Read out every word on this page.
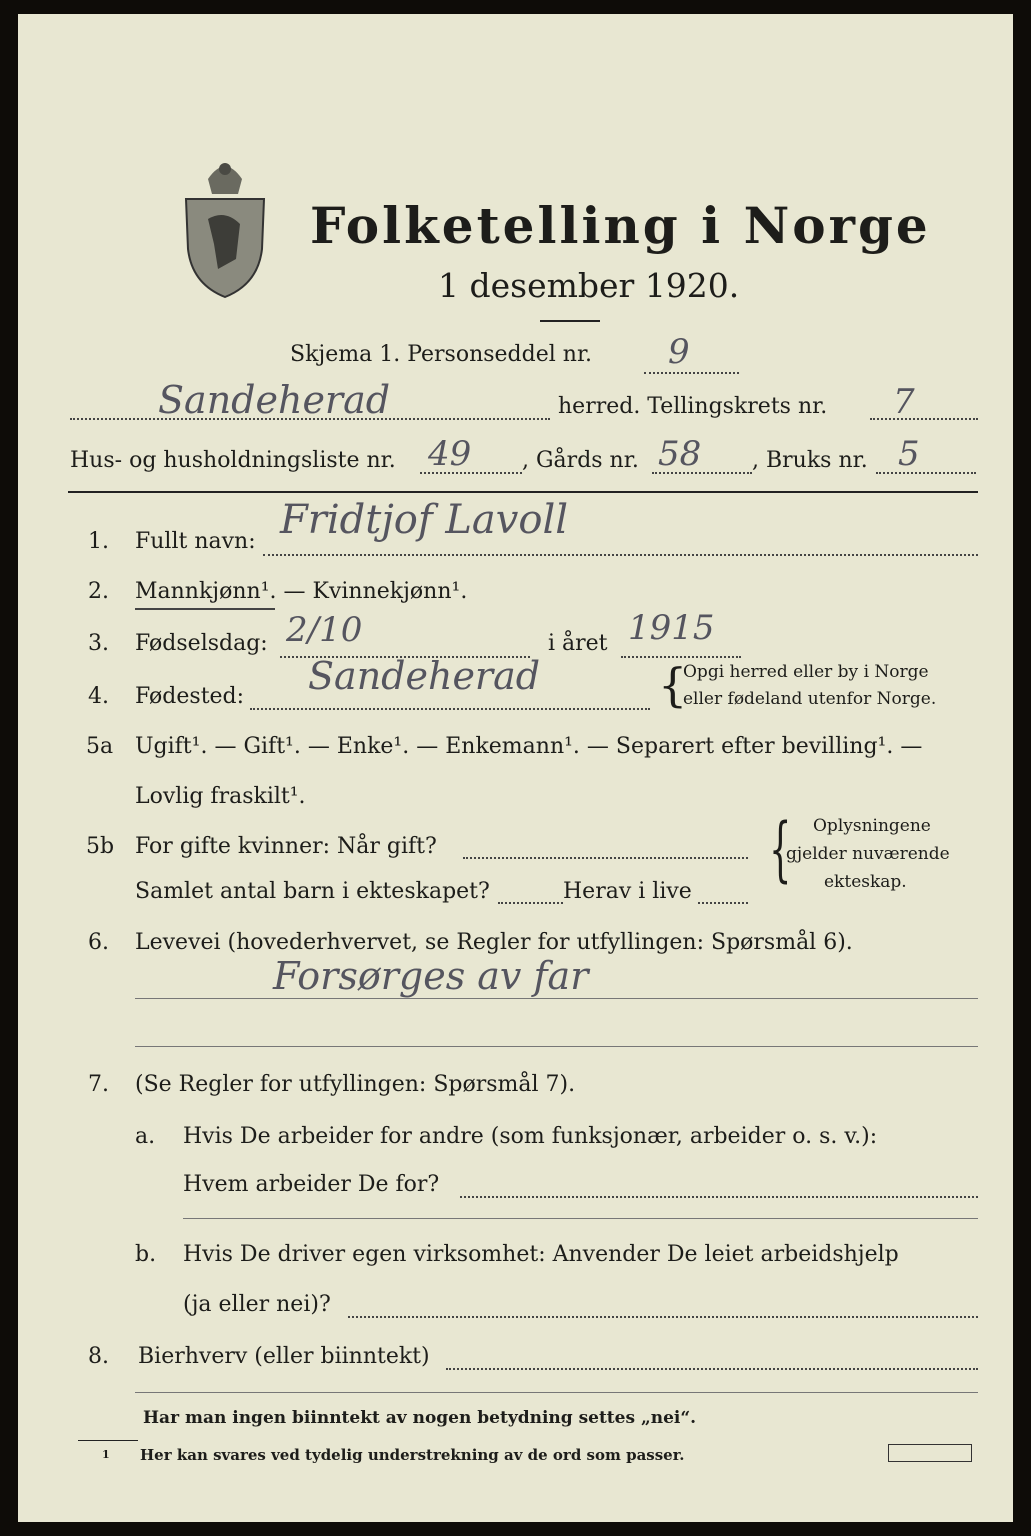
Folketelling i Norge
1 desember 1920.
Skjema 1. Personseddel nr. 9
Sandeherad	herred. Tellingskrets nr. 7
Hus- og husholdningsliste nr. 49 , Gårds nr. 58 , Bruks nr. 5
1. Fullt navn: Fridtjof Lavoll
2. Mannkjønn¹. — Kvinnekjønn¹.
3. Fødselsdag: 2/10	i året 1915
4. Fødested: Sandeherad	{
Opgi herred eller by i Norge
eller fødeland utenfor Norge.
5a Ugift¹. — Gift¹. — Enke¹. — Enkemann¹. — Separert efter bevilling¹. —
Lovlig fraskilt¹.
5b For gifte kvinner: Når gift?
Samlet antal barn i ekteskapet?	Herav i live
} Oplysningene
gjelder nuværende
ekteskap.
6. Levevei (hovederhvervet, se Regler for utfyllingen: Spørsmål 6).
Forsørges av far
7. (Se Regler for utfyllingen: Spørsmål 7).
a. Hvis De arbeider for andre (som funksjonær, arbeider o. s. v.):
Hvem arbeider De for?
b. Hvis De driver egen virksomhet: Anvender De leiet arbeidshjelp
(ja eller nei)?
8. Bierhverv (eller biinntekt)
Har man ingen biinntekt av nogen betydning settes „nei“.
1 Her kan svares ved tydelig understrekning av de ord som passer.
